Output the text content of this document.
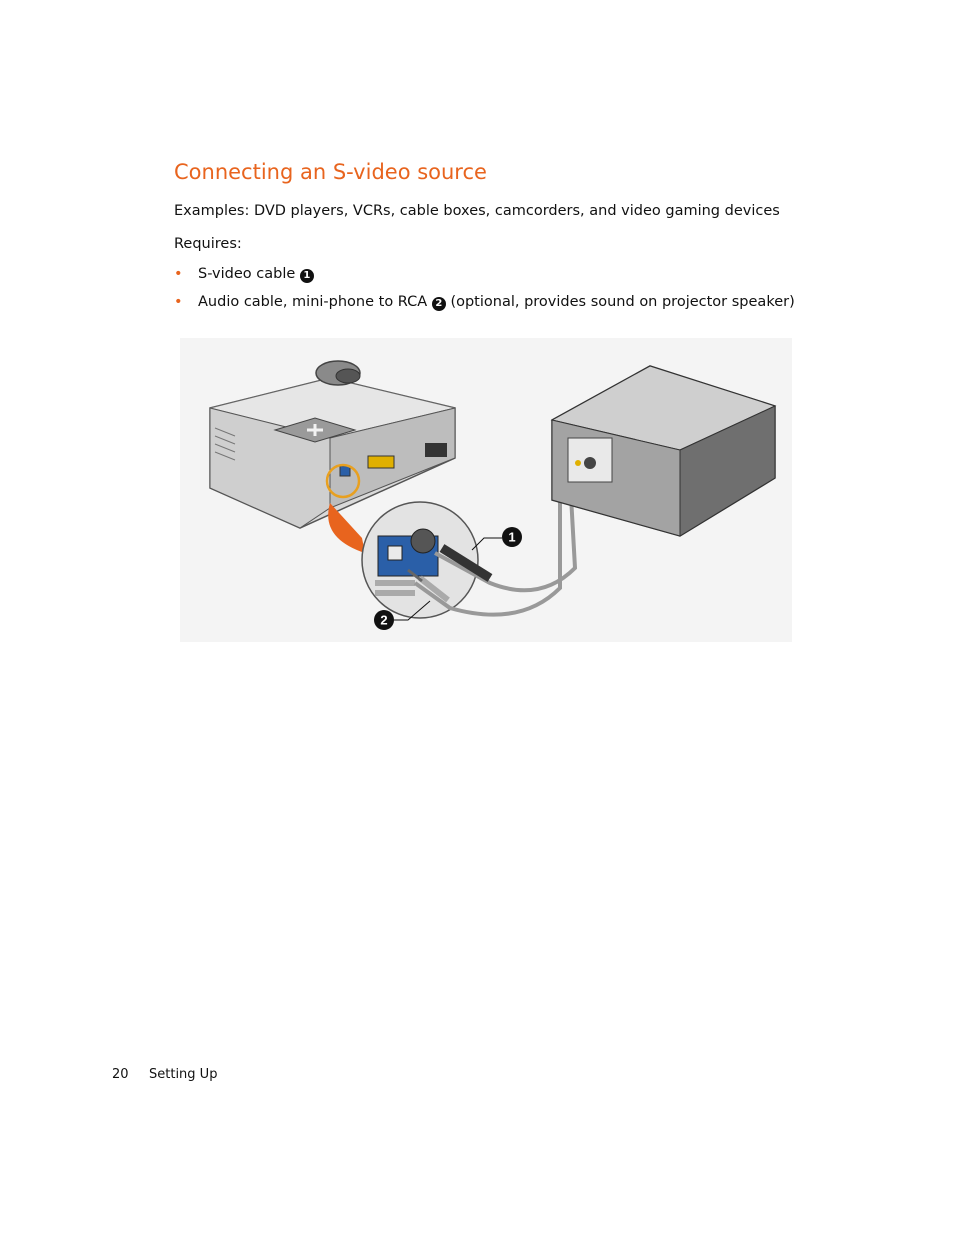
Connecting an S-video source

Examples: DVD players, VCRs, cable boxes, camcorders, and video gaming devices

Requires:

• S-video cable 1
• Audio cable, mini-phone to RCA 2 (optional, provides sound on projector speaker)
1
2
20 Setting Up
